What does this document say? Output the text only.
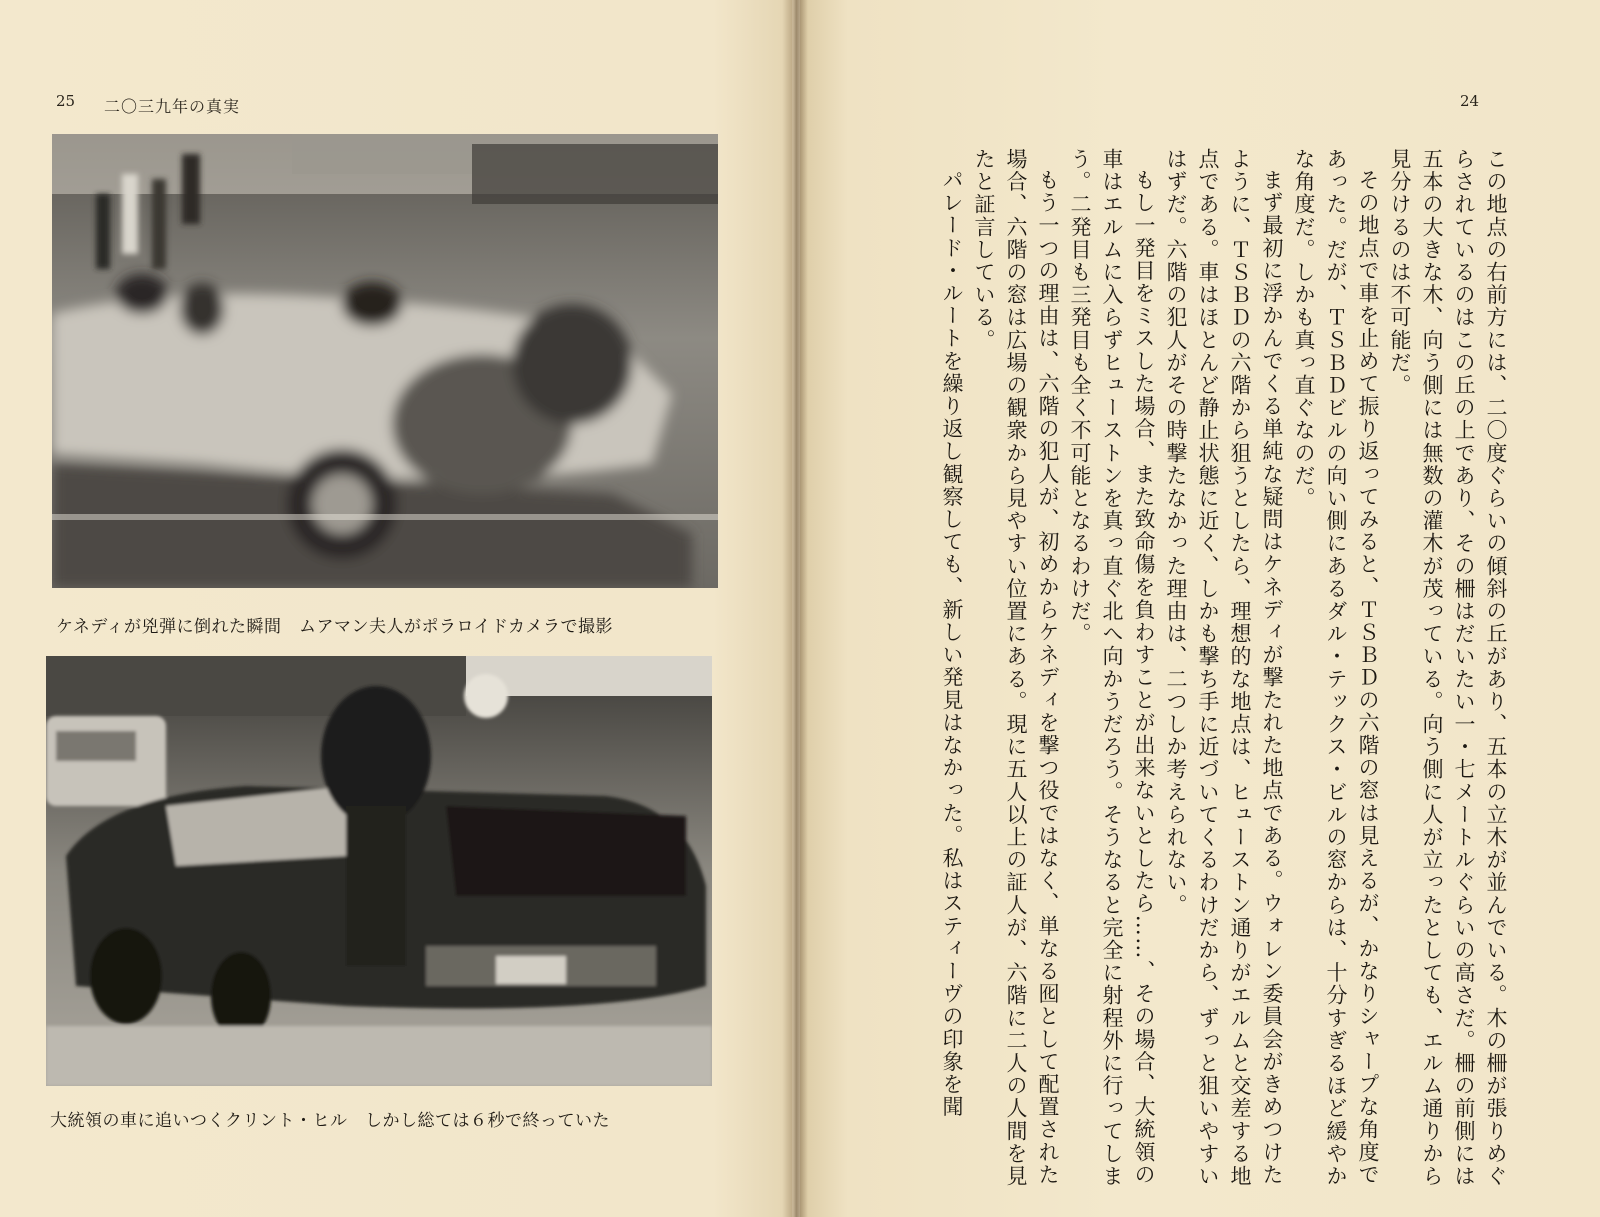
25 二〇三九年の真実
ケネディが兇弾に倒れた瞬間　ムアマン夫人がポラロイドカメラで撮影
大統領の車に追いつくクリント・ヒル　しかし総ては６秒で終っていた
24

この地点の右前方には、二〇度ぐらいの傾斜の丘があり、五本の立木が並んでいる。木の柵が張りめぐらされているのはこの丘の上であり、その柵はだいたい一・七メートルぐらいの高さだ。柵の前側には五本の大きな木、向う側には無数の灌木が茂っている。向う側に人が立ったとしても、エルム通りから見分けるのは不可能だ。

その地点で車を止めて振り返ってみると、ＴＳＢＤの六階の窓は見えるが、かなりシャープな角度であった。だが、ＴＳＢＤビルの向い側にあるダル・テックス・ビルの窓からは、十分すぎるほど緩やかな角度だ。しかも真っ直ぐなのだ。

まず最初に浮かんでくる単純な疑問はケネディが撃たれた地点である。ウォレン委員会がきめつけたように、ＴＳＢＤの六階から狙うとしたら、理想的な地点は、ヒューストン通りがエルムと交差する地点である。車はほとんど静止状態に近く、しかも撃ち手に近づいてくるわけだから、ずっと狙いやすいはずだ。六階の犯人がその時撃たなかった理由は、二つしか考えられない。

もし一発目をミスした場合、また致命傷を負わすことが出来ないとしたら……、その場合、大統領の車はエルムに入らずヒューストンを真っ直ぐ北へ向かうだろう。そうなると完全に射程外に行ってしまう。二発目も三発目も全く不可能となるわけだ。

もう一つの理由は、六階の犯人が、初めからケネディを撃つ役ではなく、単なる囮として配置された場合、六階の窓は広場の観衆から見やすい位置にある。現に五人以上の証人が、六階に二人の人間を見たと証言している。

パレード・ルートを繰り返し観察しても、新しい発見はなかった。私はスティーヴの印象を聞
